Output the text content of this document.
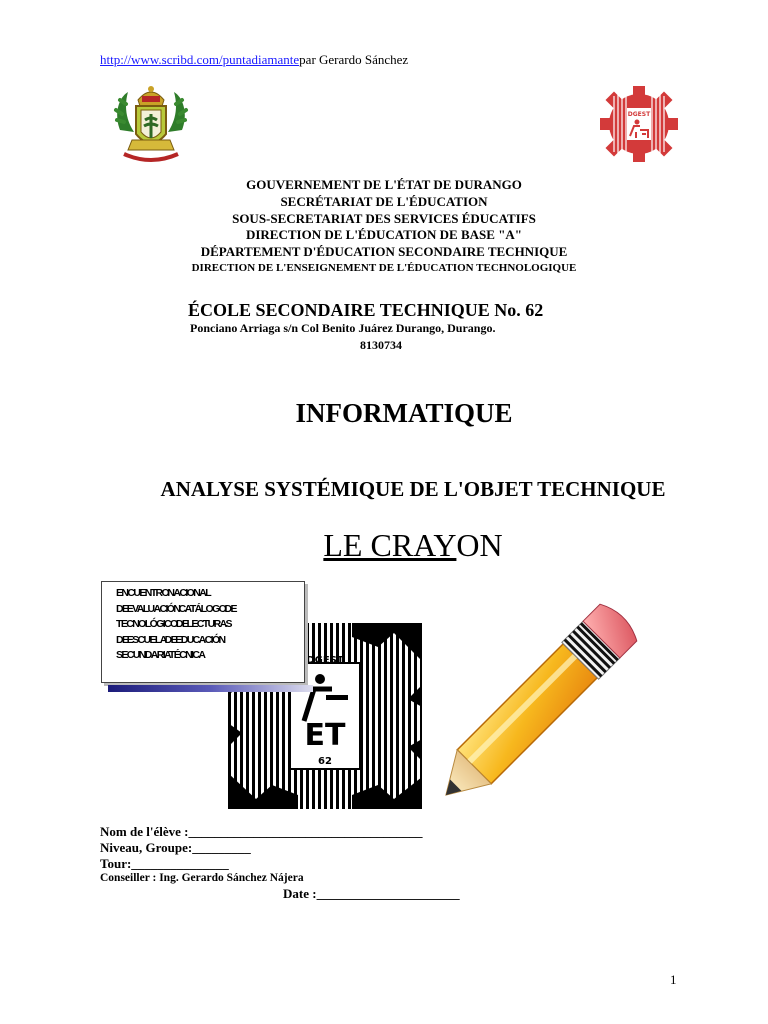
http://www.scribd.com/puntadiamantepar Gerardo Sánchez
DGEST
GOUVERNEMENT DE L'ÉTAT DE DURANGO
SECRÉTARIAT DE L'ÉDUCATION
SOUS-SECRETARIAT DES SERVICES ÉDUCATIFS
DIRECTION DE L'ÉDUCATION DE BASE "A"
DÉPARTEMENT D'ÉDUCATION SECONDAIRE TECHNIQUE
DIRECTION DE L'ENSEIGNEMENT DE L'ÉDUCATION TECHNOLOGIQUE
ÉCOLE SECONDAIRE TECHNIQUE No. 62
Ponciano Arriaga s/n Col Benito Juárez Durango, Durango.
8130734
INFORMATIQUE
ANALYSE SYSTÉMIQUE DE L'OBJET TECHNIQUE
LE CRAYON
DGEST
ET
62
ENCUENTRO NACIONAL
DE EVALUACIÓN CATÁLOGO DE
TECNOLÓGICO DE LECTURAS
DE ESCUELA DE EDUCACIÓN
SECUNDARIA TÉCNICA
Nom de l'élève :____________________________________
Niveau, Groupe:_________
Tour:_______________
Conseiller : Ing. Gerardo Sánchez Nájera
Date :______________________
1
